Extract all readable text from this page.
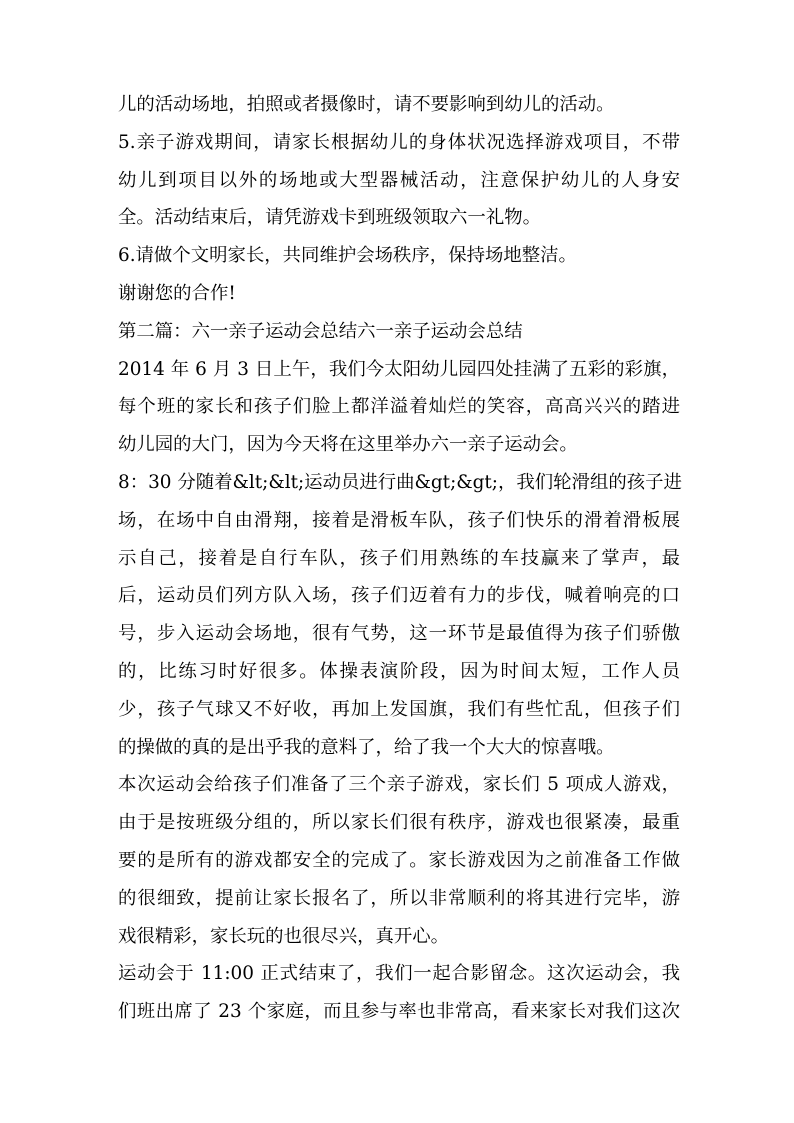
儿的活动场地，拍照或者摄像时，请不要影响到幼儿的活动。
5.亲子游戏期间，请家长根据幼儿的身体状况选择游戏项目，不带
幼儿到项目以外的场地或大型器械活动，注意保护幼儿的人身安
全。活动结束后，请凭游戏卡到班级领取六一礼物。
6.请做个文明家长，共同维护会场秩序，保持场地整洁。
谢谢您的合作!
第二篇：六一亲子运动会总结六一亲子运动会总结
2014 年 6 月 3 日上午，我们今太阳幼儿园四处挂满了五彩的彩旗，
每个班的家长和孩子们脸上都洋溢着灿烂的笑容，高高兴兴的踏进
幼儿园的大门，因为今天将在这里举办六一亲子运动会。
8：30 分随着&lt;&lt;运动员进行曲&gt;&gt;，我们轮滑组的孩子进
场，在场中自由滑翔，接着是滑板车队，孩子们快乐的滑着滑板展
示自己，接着是自行车队，孩子们用熟练的车技赢来了掌声，最
后，运动员们列方队入场，孩子们迈着有力的步伐，喊着响亮的口
号，步入运动会场地，很有气势，这一环节是最值得为孩子们骄傲
的，比练习时好很多。体操表演阶段，因为时间太短，工作人员
少，孩子气球又不好收，再加上发国旗，我们有些忙乱，但孩子们
的操做的真的是出乎我的意料了，给了我一个大大的惊喜哦。
本次运动会给孩子们准备了三个亲子游戏，家长们 5 项成人游戏，
由于是按班级分组的，所以家长们很有秩序，游戏也很紧凑，最重
要的是所有的游戏都安全的完成了。家长游戏因为之前准备工作做
的很细致，提前让家长报名了，所以非常顺利的将其进行完毕，游
戏很精彩，家长玩的也很尽兴，真开心。
运动会于 11:00 正式结束了，我们一起合影留念。这次运动会，我
们班出席了 23 个家庭，而且参与率也非常高，看来家长对我们这次
